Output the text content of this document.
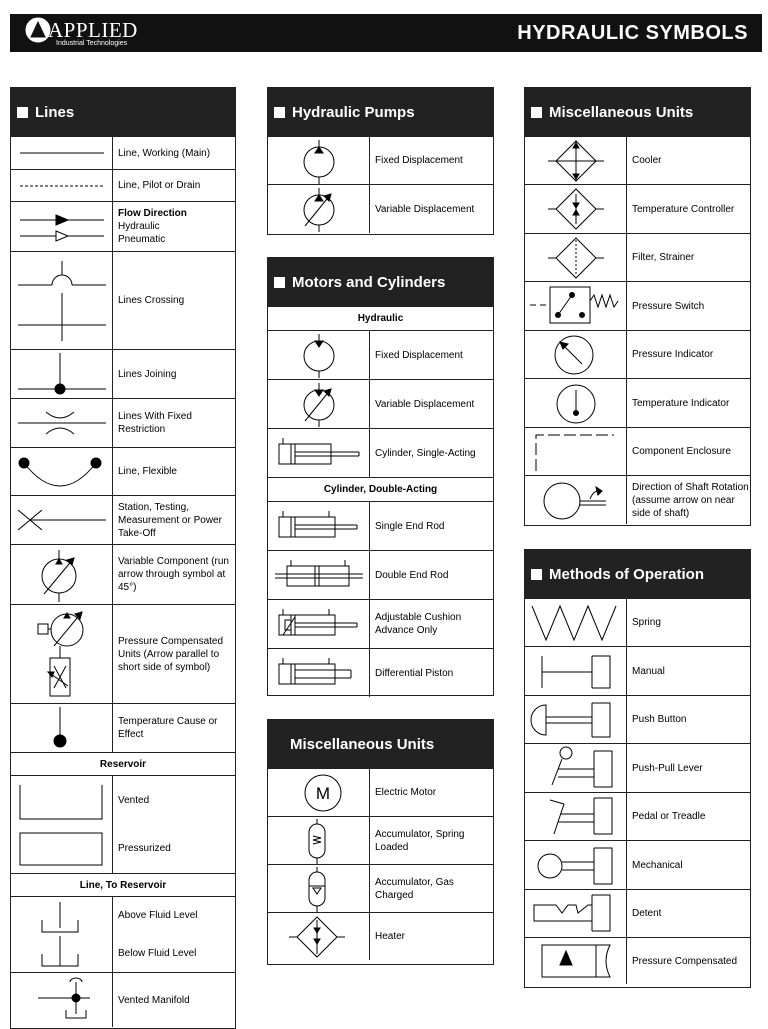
APPLIED
Industrial Technologies	HYDRAULIC SYMBOLS
Lines
Line, Working (Main)
Line, Pilot or Drain
Flow Direction
Hydraulic
Pneumatic
Lines Crossing
Lines Joining
Lines With Fixed Restriction
Line, Flexible
Station, Testing, Measurement or Power Take-Off
Variable Component (run arrow through symbol at 45°)
Pressure Compensated Units (Arrow parallel to short side of symbol)
Temperature Cause or Effect
Reservoir
Vented
Pressurized
Line, To Reservoir
Above Fluid Level
Below Fluid Level
Vented Manifold
Hydraulic Pumps
Fixed Displacement
Variable Displacement
Motors and Cylinders
Hydraulic
Fixed Displacement
Variable Displacement
Cylinder, Single-Acting
Cylinder, Double-Acting
Single End Rod
Double End Rod
Adjustable Cushion Advance Only
Differential Piston
Miscellaneous Units
M	Electric Motor
Accumulator, Spring Loaded
Accumulator, Gas Charged
Heater
Miscellaneous Units
Cooler
Temperature Controller
Filter, Strainer
Pressure Switch
Pressure Indicator
Temperature Indicator
Component Enclosure
Direction of Shaft Rotation (assume arrow on near side of shaft)
Methods of Operation
Spring
Manual
Push Button
Push-Pull Lever
Pedal or Treadle
Mechanical
Detent
Pressure Compensated
